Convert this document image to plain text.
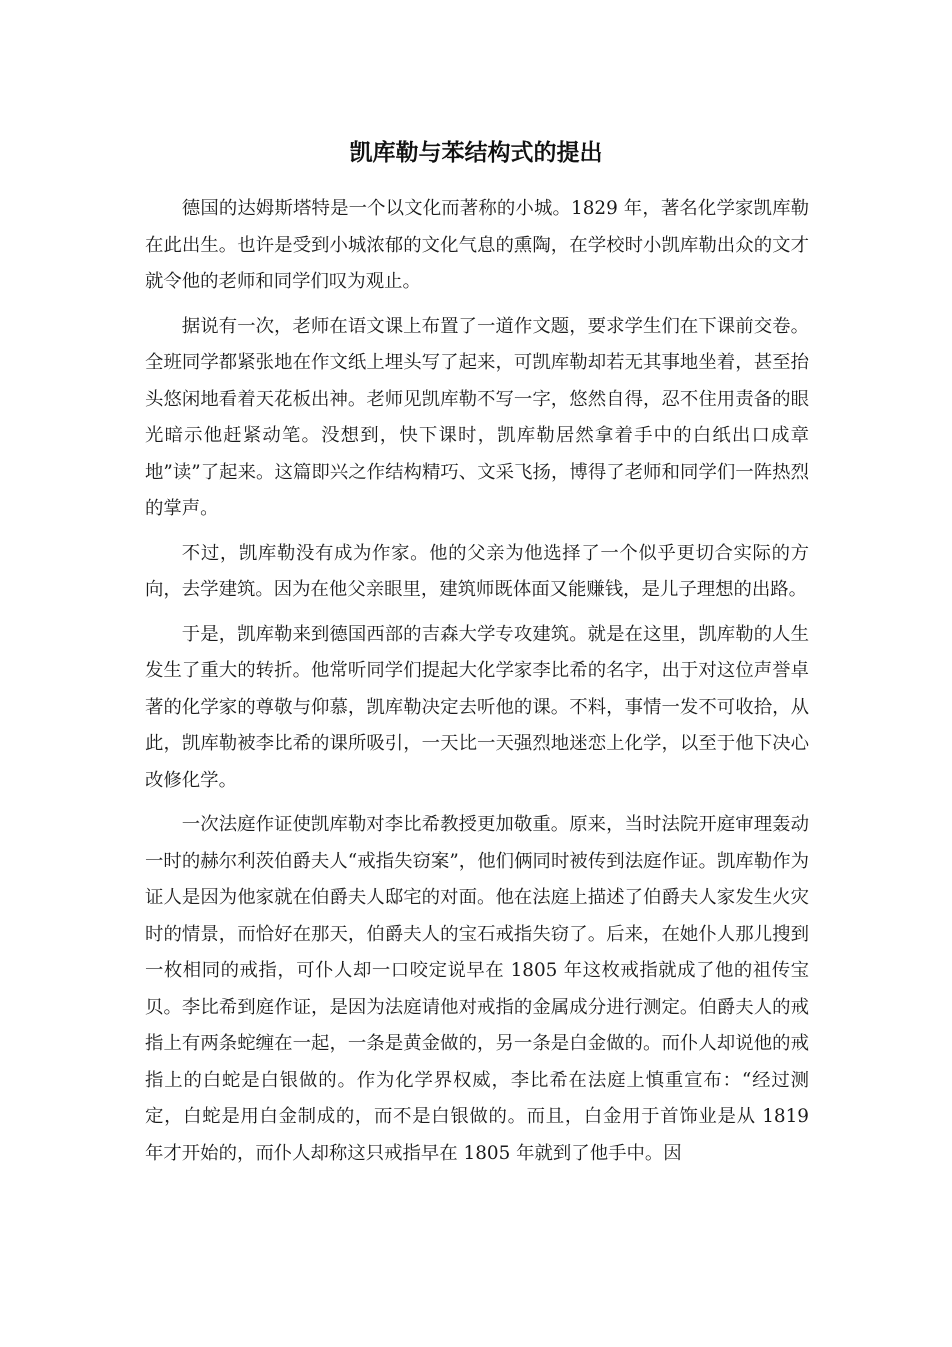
凯库勒与苯结构式的提出

德国的达姆斯塔特是一个以文化而著称的小城。1829 年，著名化学家凯库勒在此出生。也许是受到小城浓郁的文化气息的熏陶，在学校时小凯库勒出众的文才就令他的老师和同学们叹为观止。

据说有一次，老师在语文课上布置了一道作文题，要求学生们在下课前交卷。全班同学都紧张地在作文纸上埋头写了起来，可凯库勒却若无其事地坐着，甚至抬头悠闲地看着天花板出神。老师见凯库勒不写一字，悠然自得，忍不住用责备的眼光暗示他赶紧动笔。没想到，快下课时，凯库勒居然拿着手中的白纸出口成章地”读”了起来。这篇即兴之作结构精巧、文采飞扬，博得了老师和同学们一阵热烈的掌声。

不过，凯库勒没有成为作家。他的父亲为他选择了一个似乎更切合实际的方向，去学建筑。因为在他父亲眼里，建筑师既体面又能赚钱，是儿子理想的出路。

于是，凯库勒来到德国西部的吉森大学专攻建筑。就是在这里，凯库勒的人生发生了重大的转折。他常听同学们提起大化学家李比希的名字，出于对这位声誉卓著的化学家的尊敬与仰慕，凯库勒决定去听他的课。不料，事情一发不可收拾，从此，凯库勒被李比希的课所吸引，一天比一天强烈地迷恋上化学，以至于他下决心改修化学。

一次法庭作证使凯库勒对李比希教授更加敬重。原来，当时法院开庭审理轰动一时的赫尔利茨伯爵夫人“戒指失窃案”，他们俩同时被传到法庭作证。凯库勒作为证人是因为他家就在伯爵夫人邸宅的对面。他在法庭上描述了伯爵夫人家发生火灾时的情景，而恰好在那天，伯爵夫人的宝石戒指失窃了。后来，在她仆人那儿搜到一枚相同的戒指，可仆人却一口咬定说早在 1805 年这枚戒指就成了他的祖传宝贝。李比希到庭作证，是因为法庭请他对戒指的金属成分进行测定。伯爵夫人的戒指上有两条蛇缠在一起，一条是黄金做的，另一条是白金做的。而仆人却说他的戒指上的白蛇是白银做的。作为化学界权威，李比希在法庭上慎重宣布：“经过测定，白蛇是用白金制成的，而不是白银做的。而且，白金用于首饰业是从 1819 年才开始的，而仆人却称这只戒指早在 1805 年就到了他手中。因
